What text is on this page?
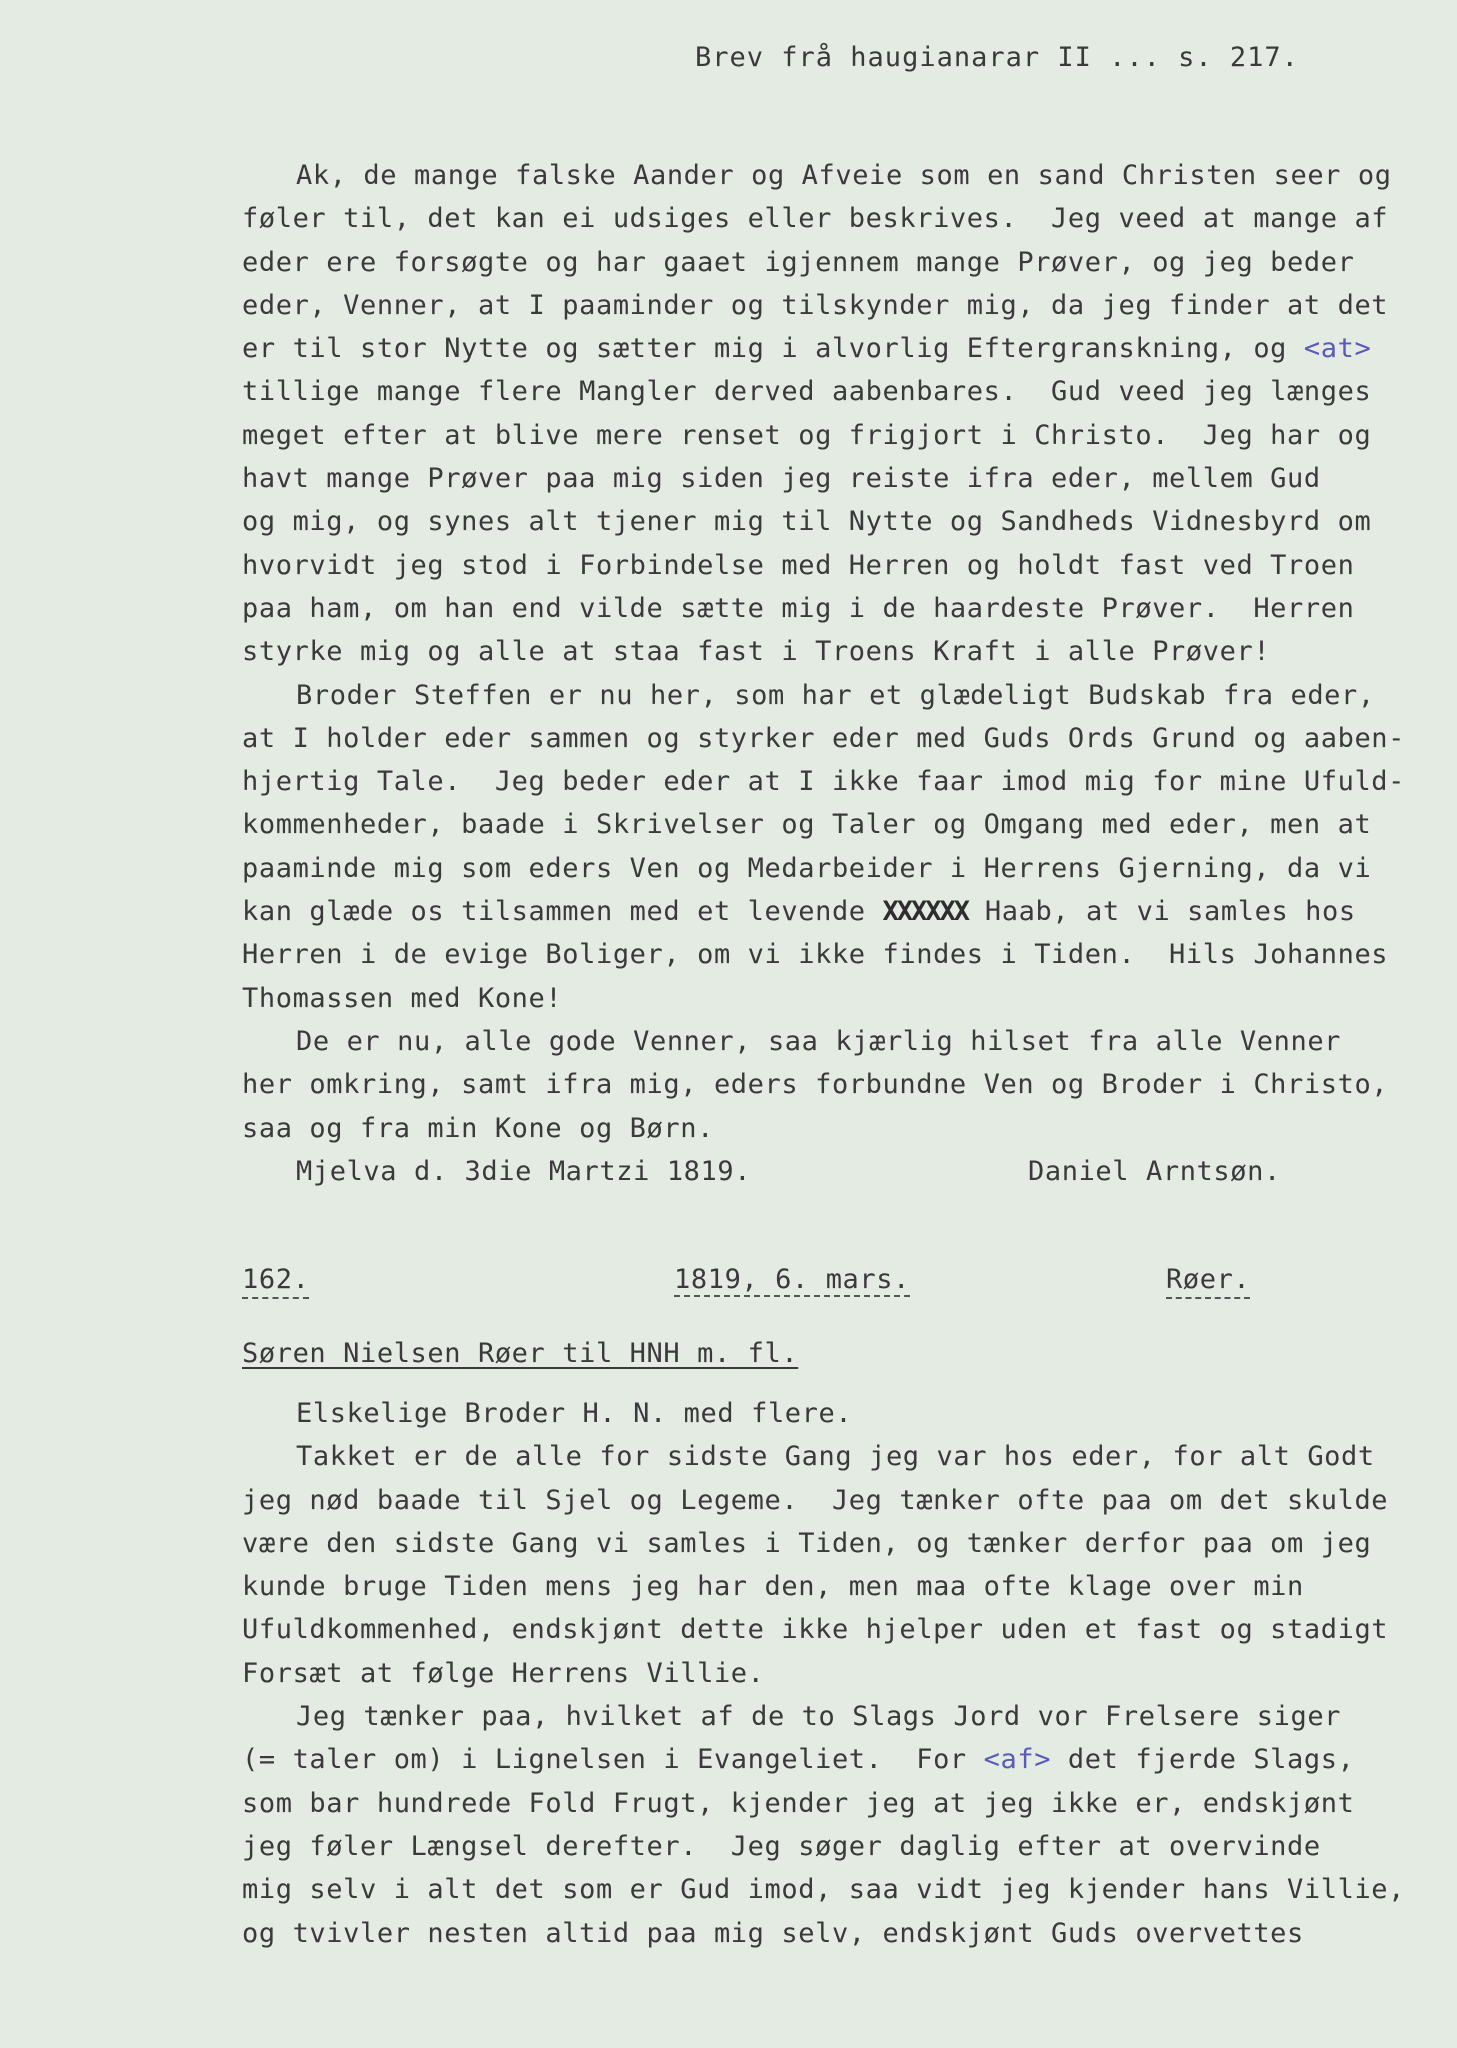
Brev frå haugianarar II ... s. 217.
Ak, de mange falske Aander og Afveie som en sand Christen seer og
føler til, det kan ei udsiges eller beskrives.  Jeg veed at mange af
eder ere forsøgte og har gaaet igjennem mange Prøver, og jeg beder
eder, Venner, at I paaminder og tilskynder mig, da jeg finder at det
er til stor Nytte og sætter mig i alvorlig Eftergranskning, og <at>
tillige mange flere Mangler derved aabenbares.  Gud veed jeg længes
meget efter at blive mere renset og frigjort i Christo.  Jeg har og
havt mange Prøver paa mig siden jeg reiste ifra eder, mellem Gud
og mig, og synes alt tjener mig til Nytte og Sandheds Vidnesbyrd om
hvorvidt jeg stod i Forbindelse med Herren og holdt fast ved Troen
paa ham, om han end vilde sætte mig i de haardeste Prøver.  Herren
styrke mig og alle at staa fast i Troens Kraft i alle Prøver!
Broder Steffen er nu her, som har et glædeligt Budskab fra eder,
at I holder eder sammen og styrker eder med Guds Ords Grund og aaben-
hjertig Tale.  Jeg beder eder at I ikke faar imod mig for mine Ufuld-
kommenheder, baade i Skrivelser og Taler og Omgang med eder, men at
paaminde mig som eders Ven og Medarbeider i Herrens Gjerning, da vi
kan glæde os tilsammen med et levende XXXXXX Haab, at vi samles hos
Herren i de evige Boliger, om vi ikke findes i Tiden.  Hils Johannes
Thomassen med Kone!
De er nu, alle gode Venner, saa kjærlig hilset fra alle Venner
her omkring, samt ifra mig, eders forbundne Ven og Broder i Christo,
saa og fra min Kone og Børn.
Mjelva d. 3die Martzi 1819.	Daniel Arntsøn.
162.	1819, 6. mars.	Røer.
Søren Nielsen Røer til HNH m. fl.
Elskelige Broder H. N. med flere.
Takket er de alle for sidste Gang jeg var hos eder, for alt Godt
jeg nød baade til Sjel og Legeme.  Jeg tænker ofte paa om det skulde
være den sidste Gang vi samles i Tiden, og tænker derfor paa om jeg
kunde bruge Tiden mens jeg har den, men maa ofte klage over min
Ufuldkommenhed, endskjønt dette ikke hjelper uden et fast og stadigt
Forsæt at følge Herrens Villie.
Jeg tænker paa, hvilket af de to Slags Jord vor Frelsere siger
(= taler om) i Lignelsen i Evangeliet.  For <af> det fjerde Slags,
som bar hundrede Fold Frugt, kjender jeg at jeg ikke er, endskjønt
jeg føler Længsel derefter.  Jeg søger daglig efter at overvinde
mig selv i alt det som er Gud imod, saa vidt jeg kjender hans Villie,
og tvivler nesten altid paa mig selv, endskjønt Guds overvettes
